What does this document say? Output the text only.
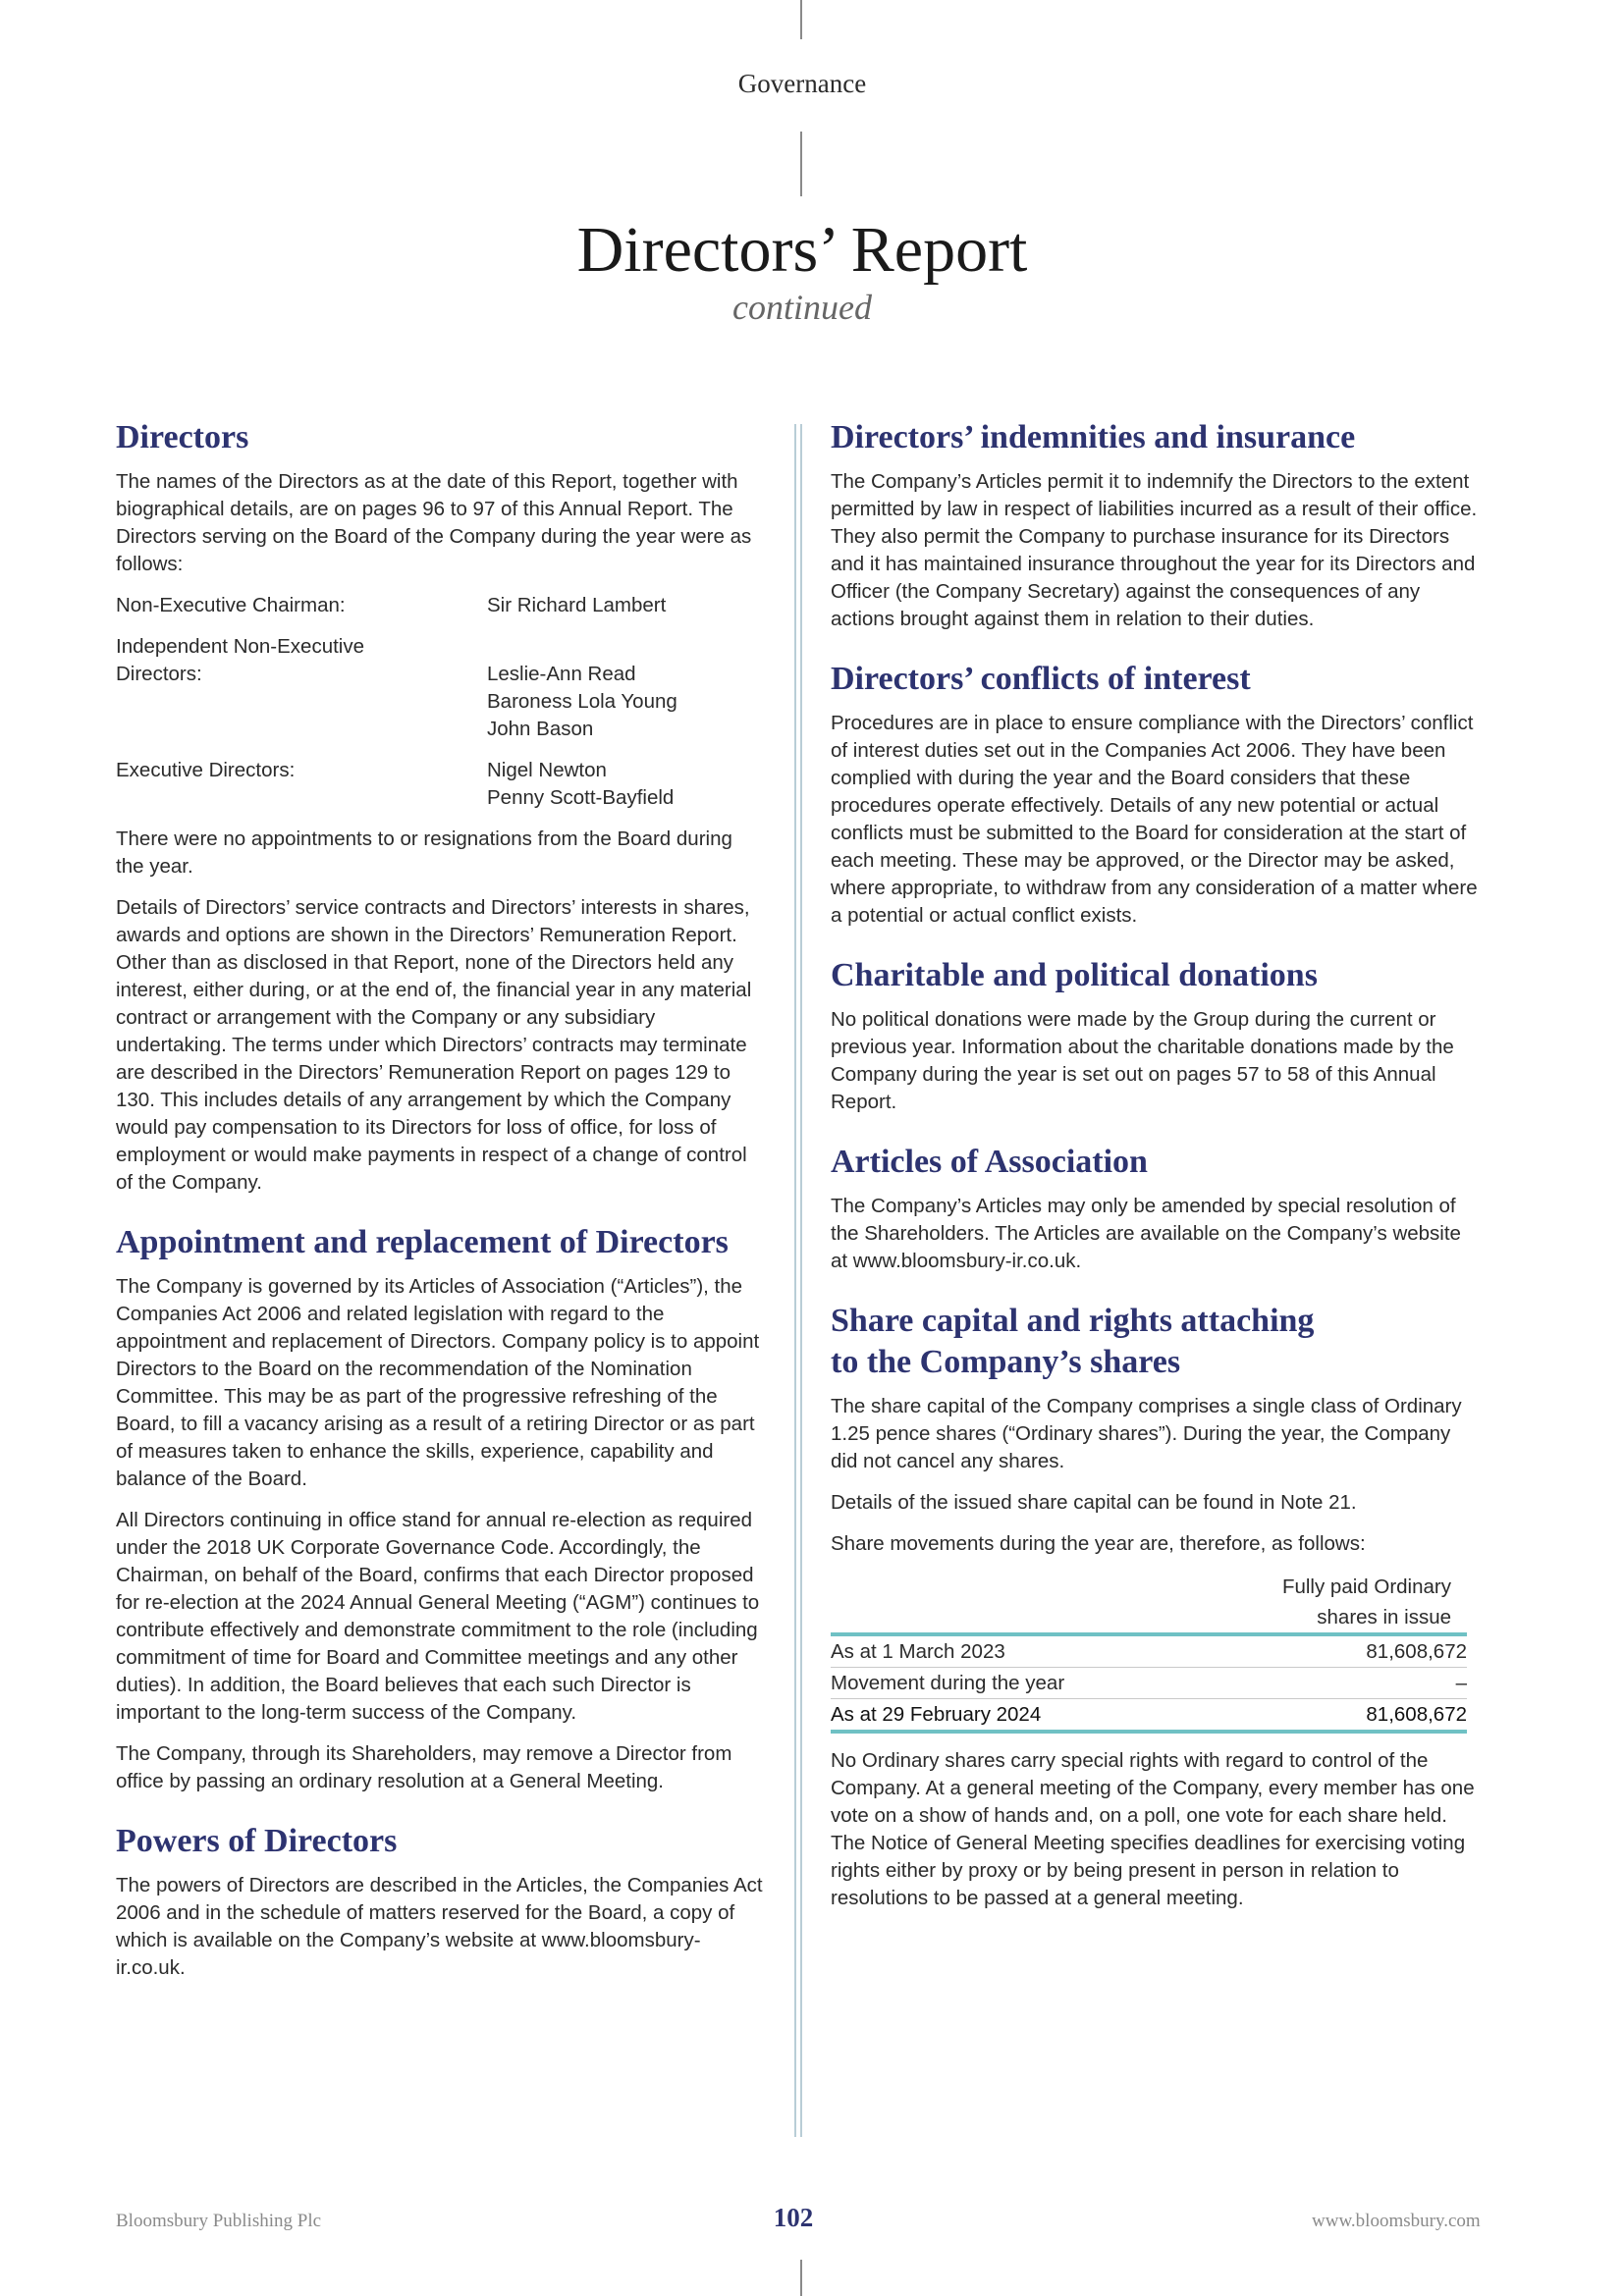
Governance
Directors’ Report
continued
Directors

The names of the Directors as at the date of this Report, together with biographical details, are on pages 96 to 97 of this Annual Report. The Directors serving on the Board of the Company during the year were as follows:

Non-Executive Chairman:	Sir Richard Lambert
Independent Non-Executive
Directors:	Leslie-Ann Read
Baroness Lola Young
John Bason
Executive Directors:	Nigel Newton
Penny Scott-Bayfield

There were no appointments to or resignations from the Board during the year.

Details of Directors’ service contracts and Directors’ interests in shares, awards and options are shown in the Directors’ Remuneration Report. Other than as disclosed in that Report, none of the Directors held any interest, either during, or at the end of, the financial year in any material contract or arrangement with the Company or any subsidiary undertaking. The terms under which Directors’ contracts may terminate are described in the Directors’ Remuneration Report on pages 129 to 130. This includes details of any arrangement by which the Company would pay compensation to its Directors for loss of office, for loss of employment or would make payments in respect of a change of control of the Company.

Appointment and replacement of Directors

The Company is governed by its Articles of Association (“Articles”), the Companies Act 2006 and related legislation with regard to the appointment and replacement of Directors. Company policy is to appoint Directors to the Board on the recommendation of the Nomination Committee. This may be as part of the progressive refreshing of the Board, to fill a vacancy arising as a result of a retiring Director or as part of measures taken to enhance the skills, experience, capability and balance of the Board.

All Directors continuing in office stand for annual re-election as required under the 2018 UK Corporate Governance Code. Accordingly, the Chairman, on behalf of the Board, confirms that each Director proposed for re-election at the 2024 Annual General Meeting (“AGM”) continues to contribute effectively and demonstrate commitment to the role (including commitment of time for Board and Committee meetings and any other duties). In addition, the Board believes that each such Director is important to the long-term success of the Company.

The Company, through its Shareholders, may remove a Director from office by passing an ordinary resolution at a General Meeting.

Powers of Directors

The powers of Directors are described in the Articles, the Companies Act 2006 and in the schedule of matters reserved for the Board, a copy of which is available on the Company’s website at www.bloomsbury-ir.co.uk.

Directors’ indemnities and insurance

The Company’s Articles permit it to indemnify the Directors to the extent permitted by law in respect of liabilities incurred as a result of their office. They also permit the Company to purchase insurance for its Directors and it has maintained insurance throughout the year for its Directors and Officer (the Company Secretary) against the consequences of any actions brought against them in relation to their duties.

Directors’ conflicts of interest

Procedures are in place to ensure compliance with the Directors’ conflict of interest duties set out in the Companies Act 2006. They have been complied with during the year and the Board considers that these procedures operate effectively. Details of any new potential or actual conflicts must be submitted to the Board for consideration at the start of each meeting. These may be approved, or the Director may be asked, where appropriate, to withdraw from any consideration of a matter where a potential or actual conflict exists.

Charitable and political donations

No political donations were made by the Group during the current or previous year. Information about the charitable donations made by the Company during the year is set out on pages 57 to 58 of this Annual Report.

Articles of Association

The Company’s Articles may only be amended by special resolution of the Shareholders. The Articles are available on the Company’s website at www.bloomsbury-ir.co.uk.

Share capital and rights attaching
to the Company’s shares

The share capital of the Company comprises a single class of Ordinary 1.25 pence shares (“Ordinary shares”). During the year, the Company did not cancel any shares.

Details of the issued share capital can be found in Note 21.

Share movements during the year are, therefore, as follows:

Fully paid Ordinary
shares in issue	
As at 1 March 2023	81,608,672
Movement during the year	–
As at 29 February 2024	81,608,672

No Ordinary shares carry special rights with regard to control of the Company. At a general meeting of the Company, every member has one vote on a show of hands and, on a poll, one vote for each share held. The Notice of General Meeting specifies deadlines for exercising voting rights either by proxy or by being present in person in relation to resolutions to be passed at a general meeting.

Bloomsbury Publishing Plc	102	www.bloomsbury.com
